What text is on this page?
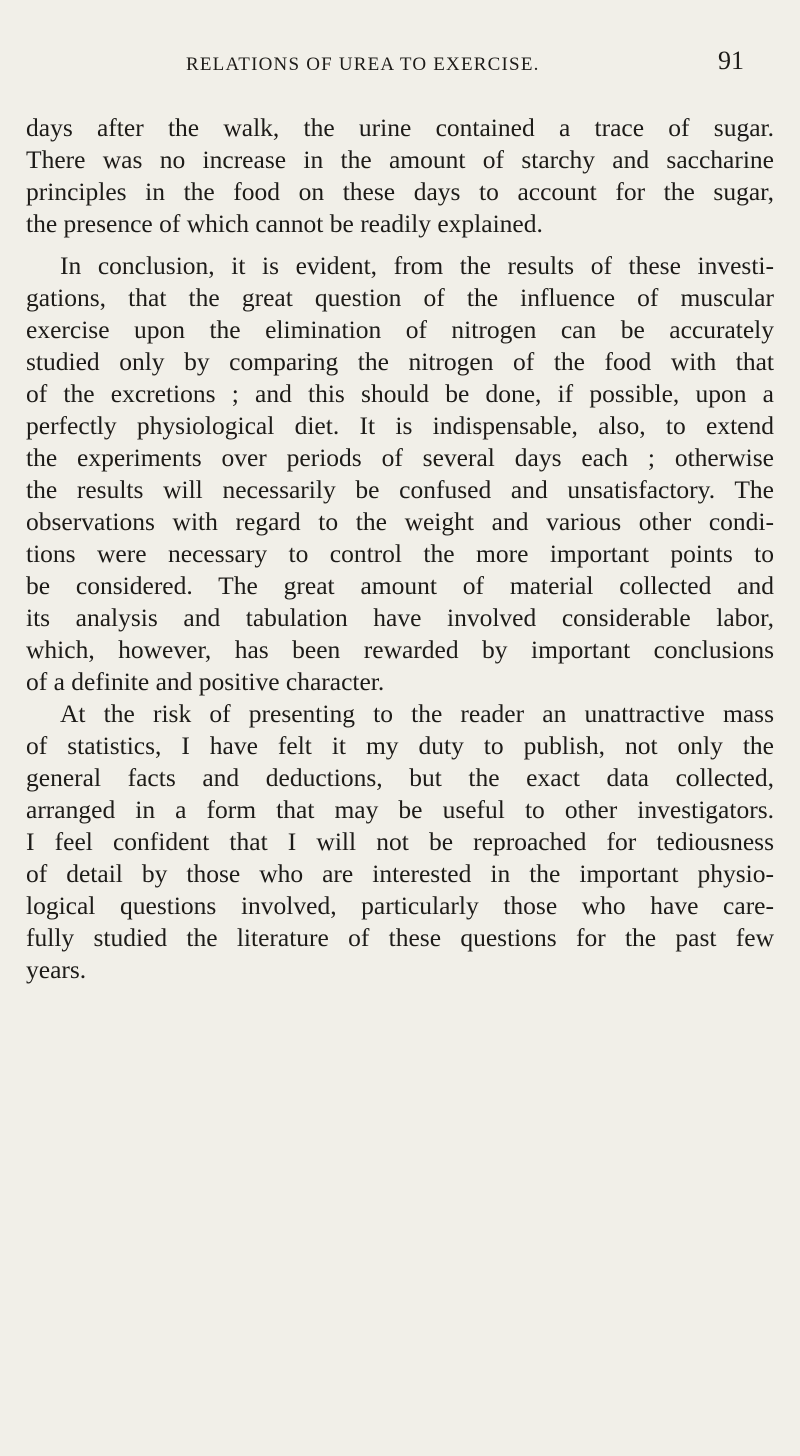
RELATIONS OF UREA TO EXERCISE.	91
days after the walk, the urine contained a trace of sugar.
There was no increase in the amount of starchy and saccharine
principles in the food on these days to account for the sugar,
the presence of which cannot be readily explained.
In conclusion, it is evident, from the results of these investi-
gations, that the great question of the influence of muscular
exercise upon the elimination of nitrogen can be accurately
studied only by comparing the nitrogen of the food with that
of the excretions ; and this should be done, if possible, upon a
perfectly physiological diet. It is indispensable, also, to extend
the experiments over periods of several days each ; otherwise
the results will necessarily be confused and unsatisfactory. The
observations with regard to the weight and various other condi-
tions were necessary to control the more important points to
be considered. The great amount of material collected and
its analysis and tabulation have involved considerable labor,
which, however, has been rewarded by important conclusions
of a definite and positive character.
At the risk of presenting to the reader an unattractive mass
of statistics, I have felt it my duty to publish, not only the
general facts and deductions, but the exact data collected,
arranged in a form that may be useful to other investigators.
I feel confident that I will not be reproached for tediousness
of detail by those who are interested in the important physio-
logical questions involved, particularly those who have care-
fully studied the literature of these questions for the past few
years.
